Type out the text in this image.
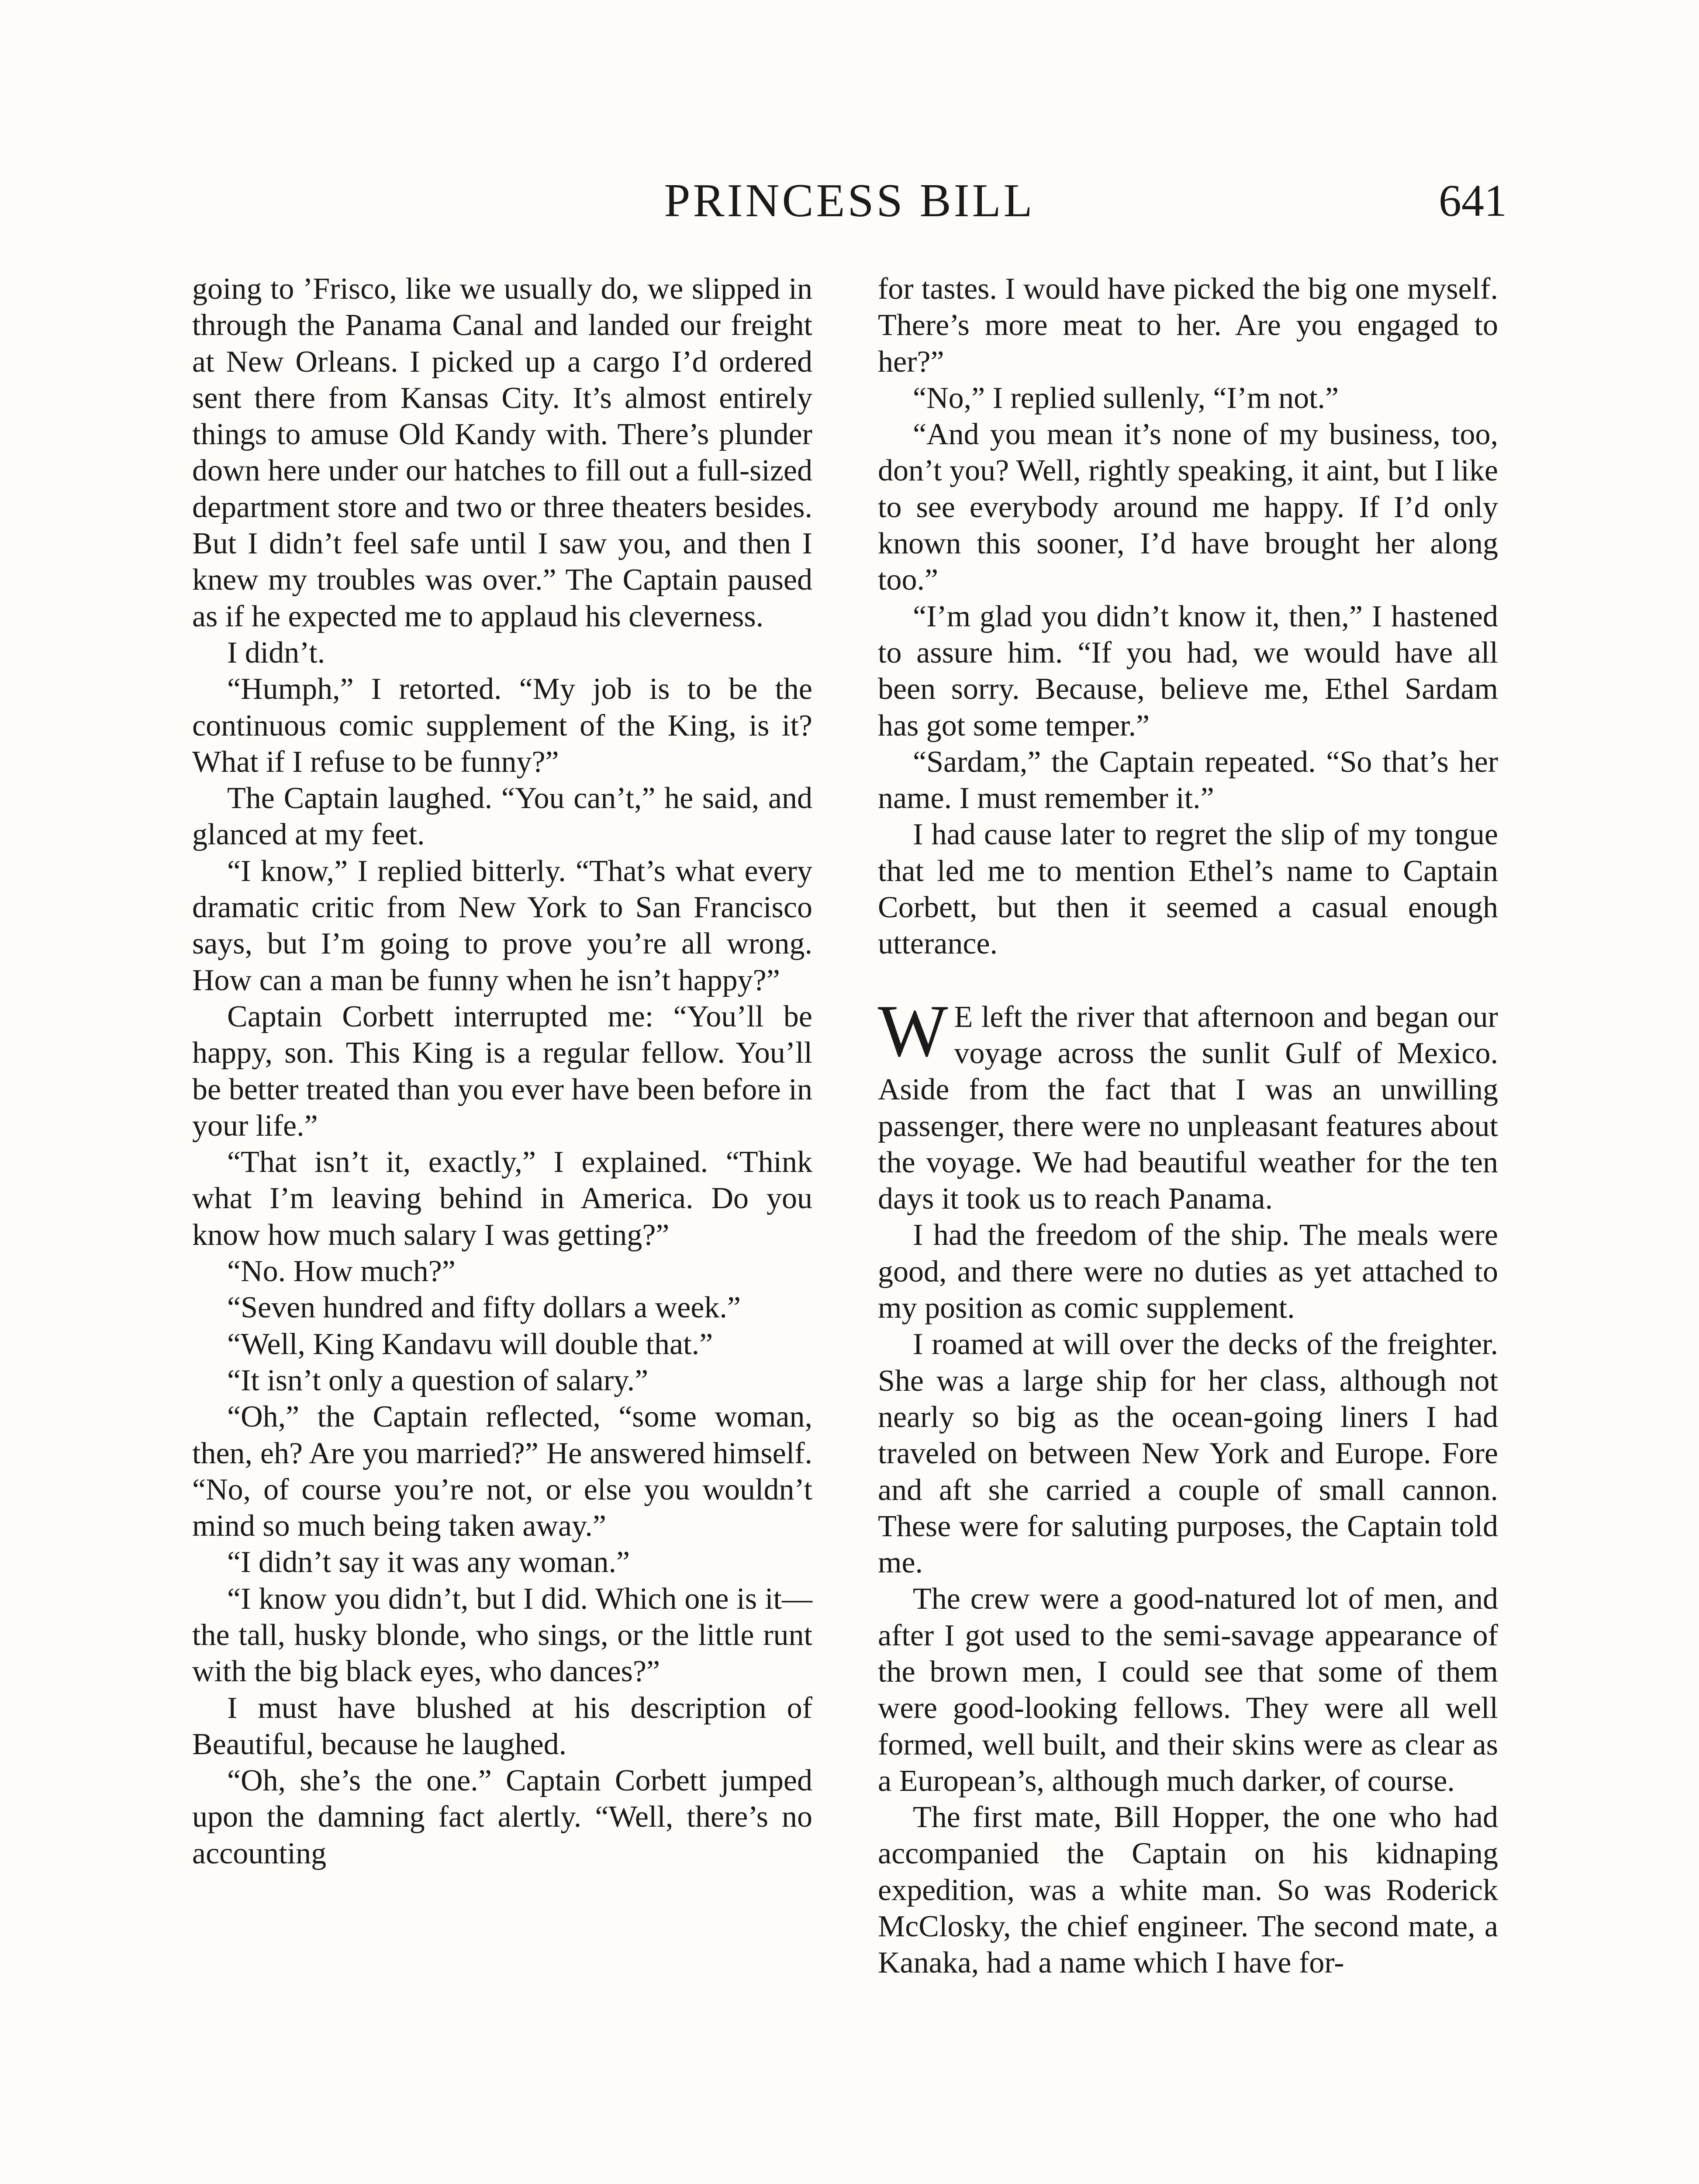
PRINCESS BILL	641

going to ’Frisco, like we usually do, we slipped in through the Panama Canal and landed our freight at New Orleans. I picked up a cargo I’d ordered sent there from Kansas City. It’s almost entirely things to amuse Old Kandy with. There’s plunder down here under our hatches to fill out a full-sized department store and two or three theaters besides. But I didn’t feel safe until I saw you, and then I knew my troubles was over.” The Captain paused as if he expected me to applaud his cleverness.

I didn’t.

“Humph,” I retorted. “My job is to be the continuous comic supplement of the King, is it? What if I refuse to be funny?”

The Captain laughed. “You can’t,” he said, and glanced at my feet.

“I know,” I replied bitterly. “That’s what every dramatic critic from New York to San Francisco says, but I’m going to prove you’re all wrong. How can a man be funny when he isn’t happy?”

Captain Corbett interrupted me: “You’ll be happy, son. This King is a regular fellow. You’ll be better treated than you ever have been before in your life.”

“That isn’t it, exactly,” I explained. “Think what I’m leaving behind in America. Do you know how much salary I was getting?”

“No. How much?”

“Seven hundred and fifty dollars a week.”

“Well, King Kandavu will double that.”

“It isn’t only a question of salary.”

“Oh,” the Captain reflected, “some woman, then, eh? Are you married?” He answered himself. “No, of course you’re not, or else you wouldn’t mind so much being taken away.”

“I didn’t say it was any woman.”

“I know you didn’t, but I did. Which one is it—the tall, husky blonde, who sings, or the little runt with the big black eyes, who dances?”

I must have blushed at his description of Beautiful, because he laughed.

“Oh, she’s the one.” Captain Corbett jumped upon the damning fact alertly. “Well, there’s no accounting

for tastes. I would have picked the big one myself. There’s more meat to her. Are you engaged to her?”

“No,” I replied sullenly, “I’m not.”

“And you mean it’s none of my business, too, don’t you? Well, rightly speaking, it aint, but I like to see everybody around me happy. If I’d only known this sooner, I’d have brought her along too.”

“I’m glad you didn’t know it, then,” I hastened to assure him. “If you had, we would have all been sorry. Because, believe me, Ethel Sardam has got some temper.”

“Sardam,” the Captain repeated. “So that’s her name. I must remember it.”

I had cause later to regret the slip of my tongue that led me to mention Ethel’s name to Captain Corbett, but then it seemed a casual enough utterance.

W E left the river that afternoon and began our voyage across the sunlit Gulf of Mexico. Aside from the fact that I was an unwilling passenger, there were no unpleasant features about the voyage. We had beautiful weather for the ten days it took us to reach Panama.

I had the freedom of the ship. The meals were good, and there were no duties as yet attached to my position as comic supplement.

I roamed at will over the decks of the freighter. She was a large ship for her class, although not nearly so big as the ocean-going liners I had traveled on between New York and Europe. Fore and aft she carried a couple of small cannon. These were for saluting purposes, the Captain told me.

The crew were a good-natured lot of men, and after I got used to the semi-savage appearance of the brown men, I could see that some of them were good-looking fellows. They were all well formed, well built, and their skins were as clear as a European’s, although much darker, of course.

The first mate, Bill Hopper, the one who had accompanied the Captain on his kidnaping expedition, was a white man. So was Roderick McClosky, the chief engineer. The second mate, a Kanaka, had a name which I have for-
